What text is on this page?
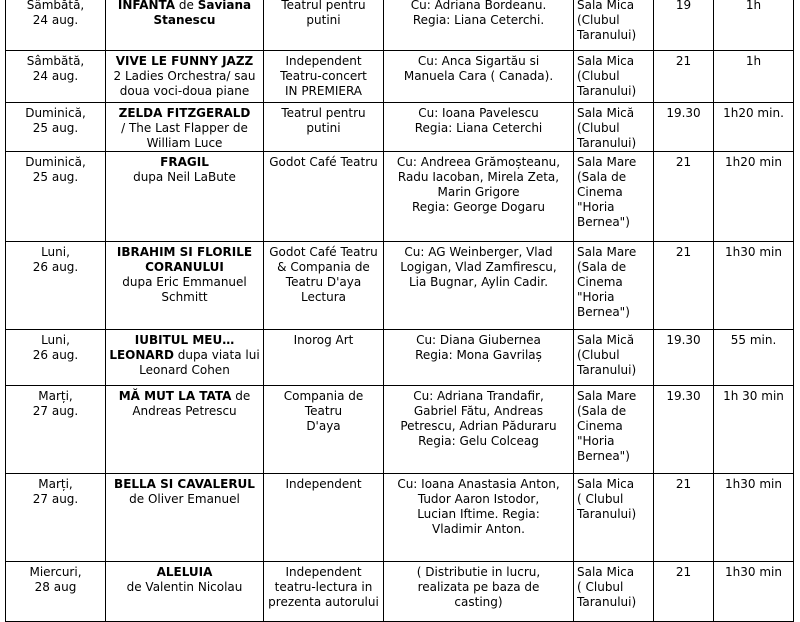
Sâmbătă,
24 aug.	INFANTA de Saviana
Stanescu	Teatrul pentru
putini	Cu: Adriana Bordeanu.
Regia: Liana Ceterchi.	Sala Mica
(Clubul
Taranului)	19	1h
Sâmbătă,
24 aug.	VIVE LE FUNNY JAZZ
2 Ladies Orchestra/ sau
doua voci-doua piane	Independent
Teatru-concert
IN PREMIERA	Cu: Anca Sigartău si
Manuela Cara ( Canada).	Sala Mica
(Clubul
Taranului)	21	1h
Duminică,
25 aug.	ZELDA FITZGERALD
/ The Last Flapper de
William Luce	Teatrul pentru
putini	Cu: Ioana Pavelescu
Regia: Liana Ceterchi	Sala Mică
(Clubul
Taranului)	19.30	1h20 min.
Duminică,
25 aug.	FRAGIL
dupa Neil LaBute	Godot Café Teatru	Cu: Andreea Grămoșteanu,
Radu Iacoban, Mirela Zeta,
Marin Grigore
Regia: George Dogaru	Sala Mare
(Sala de
Cinema
"Horia
Bernea")	21	1h20 min
Luni,
26 aug.	IBRAHIM SI FLORILE
CORANULUI
dupa Eric Emmanuel
Schmitt	Godot Café Teatru
& Compania de
Teatru D'aya
Lectura	Cu: AG Weinberger, Vlad
Logigan, Vlad Zamfirescu,
Lia Bugnar, Aylin Cadir.	Sala Mare
(Sala de
Cinema
"Horia
Bernea")	21	1h30 min
Luni,
26 aug.	IUBITUL MEU…
LEONARD dupa viata lui
Leonard Cohen	Inorog Art	Cu: Diana Giubernea
Regia: Mona Gavrilaș	Sala Mică
(Clubul
Taranului)	19.30	55 min.
Marți,
27 aug.	MĂ MUT LA TATA de
Andreas Petrescu	Compania de
Teatru
D'aya	Cu: Adriana Trandafir,
Gabriel Fătu, Andreas
Petrescu, Adrian Păduraru
Regia: Gelu Colceag	Sala Mare
(Sala de
Cinema
"Horia
Bernea")	19.30	1h 30 min
Marți,
27 aug.	BELLA SI CAVALERUL
de Oliver Emanuel	Independent	Cu: Ioana Anastasia Anton,
Tudor Aaron Istodor,
Lucian Iftime. Regia:
Vladimir Anton.	Sala Mica
( Clubul
Taranului)	21	1h30 min
Miercuri,
28 aug	ALELUIA
de Valentin Nicolau	Independent
teatru-lectura in
prezenta autorului	( Distributie in lucru,
realizata pe baza de
casting)	Sala Mica
( Clubul
Taranului)	21	1h30 min
